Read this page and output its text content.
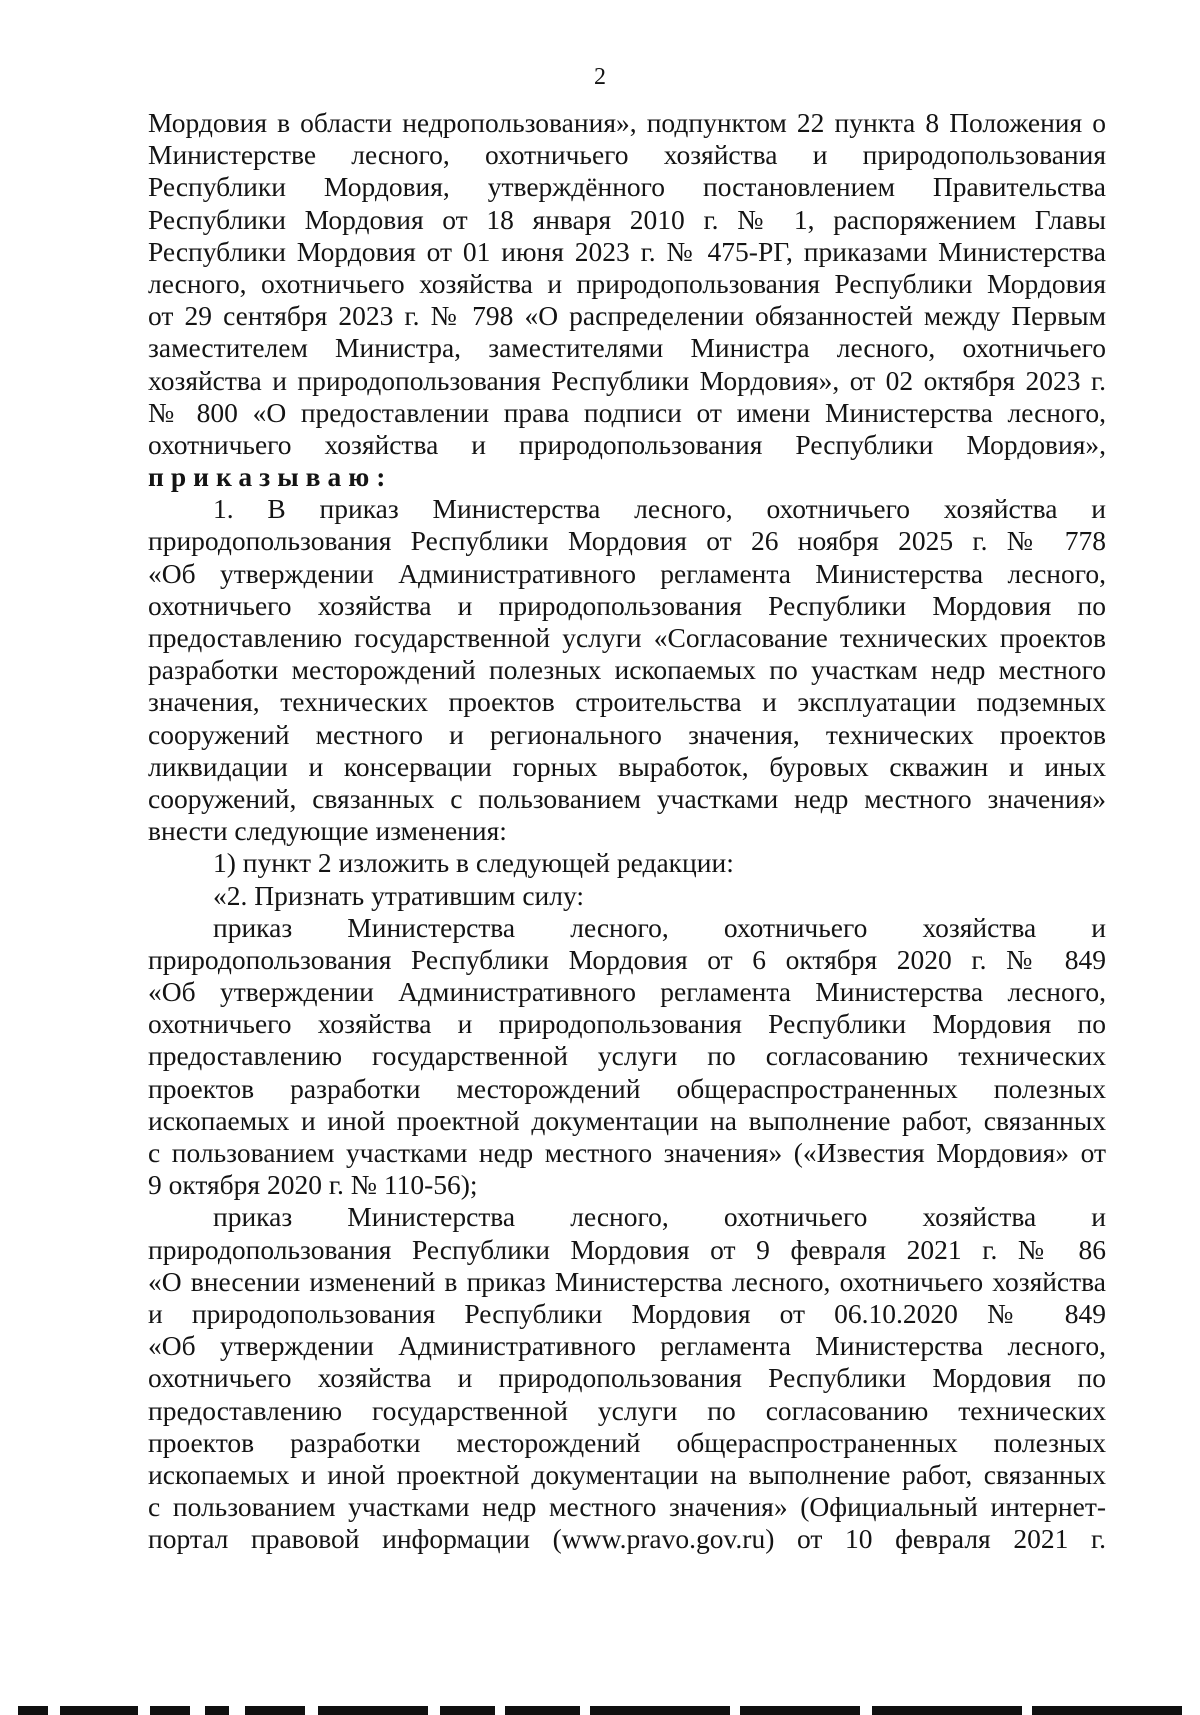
2
Мордовия в области недропользования», подпунктом 22 пункта 8 Положения о
Министерстве лесного, охотничьего хозяйства и природопользования
Республики Мордовия, утверждённого постановлением Правительства
Республики Мордовия от 18 января 2010 г. № 1, распоряжением Главы
Республики Мордовия от 01 июня 2023 г. № 475-РГ, приказами Министерства
лесного, охотничьего хозяйства и природопользования Республики Мордовия
от 29 сентября 2023 г. № 798 «О распределении обязанностей между Первым
заместителем Министра, заместителями Министра лесного, охотничьего
хозяйства и природопользования Республики Мордовия», от 02 октября 2023 г.
№ 800 «О предоставлении права подписи от имени Министерства лесного,
охотничьего хозяйства и природопользования Республики Мордовия»,
приказываю:
1. В приказ Министерства лесного, охотничьего хозяйства и
природопользования Республики Мордовия от 26 ноября 2025 г. № 778
«Об утверждении Административного регламента Министерства лесного,
охотничьего хозяйства и природопользования Республики Мордовия по
предоставлению государственной услуги «Согласование технических проектов
разработки месторождений полезных ископаемых по участкам недр местного
значения, технических проектов строительства и эксплуатации подземных
сооружений местного и регионального значения, технических проектов
ликвидации и консервации горных выработок, буровых скважин и иных
сооружений, связанных с пользованием участками недр местного значения»
внести следующие изменения:
1) пункт 2 изложить в следующей редакции:
«2. Признать утратившим силу:
приказ Министерства лесного, охотничьего хозяйства и
природопользования Республики Мордовия от 6 октября 2020 г. № 849
«Об утверждении Административного регламента Министерства лесного,
охотничьего хозяйства и природопользования Республики Мордовия по
предоставлению государственной услуги по согласованию технических
проектов разработки месторождений общераспространенных полезных
ископаемых и иной проектной документации на выполнение работ, связанных
с пользованием участками недр местного значения» («Известия Мордовия» от
9 октября 2020 г. № 110-56);
приказ Министерства лесного, охотничьего хозяйства и
природопользования Республики Мордовия от 9 февраля 2021 г. № 86
«О внесении изменений в приказ Министерства лесного, охотничьего хозяйства
и природопользования Республики Мордовия от 06.10.2020 № 849
«Об утверждении Административного регламента Министерства лесного,
охотничьего хозяйства и природопользования Республики Мордовия по
предоставлению государственной услуги по согласованию технических
проектов разработки месторождений общераспространенных полезных
ископаемых и иной проектной документации на выполнение работ, связанных
с пользованием участками недр местного значения» (Официальный интернет-
портал правовой информации (www.pravo.gov.ru) от 10 февраля 2021 г.
